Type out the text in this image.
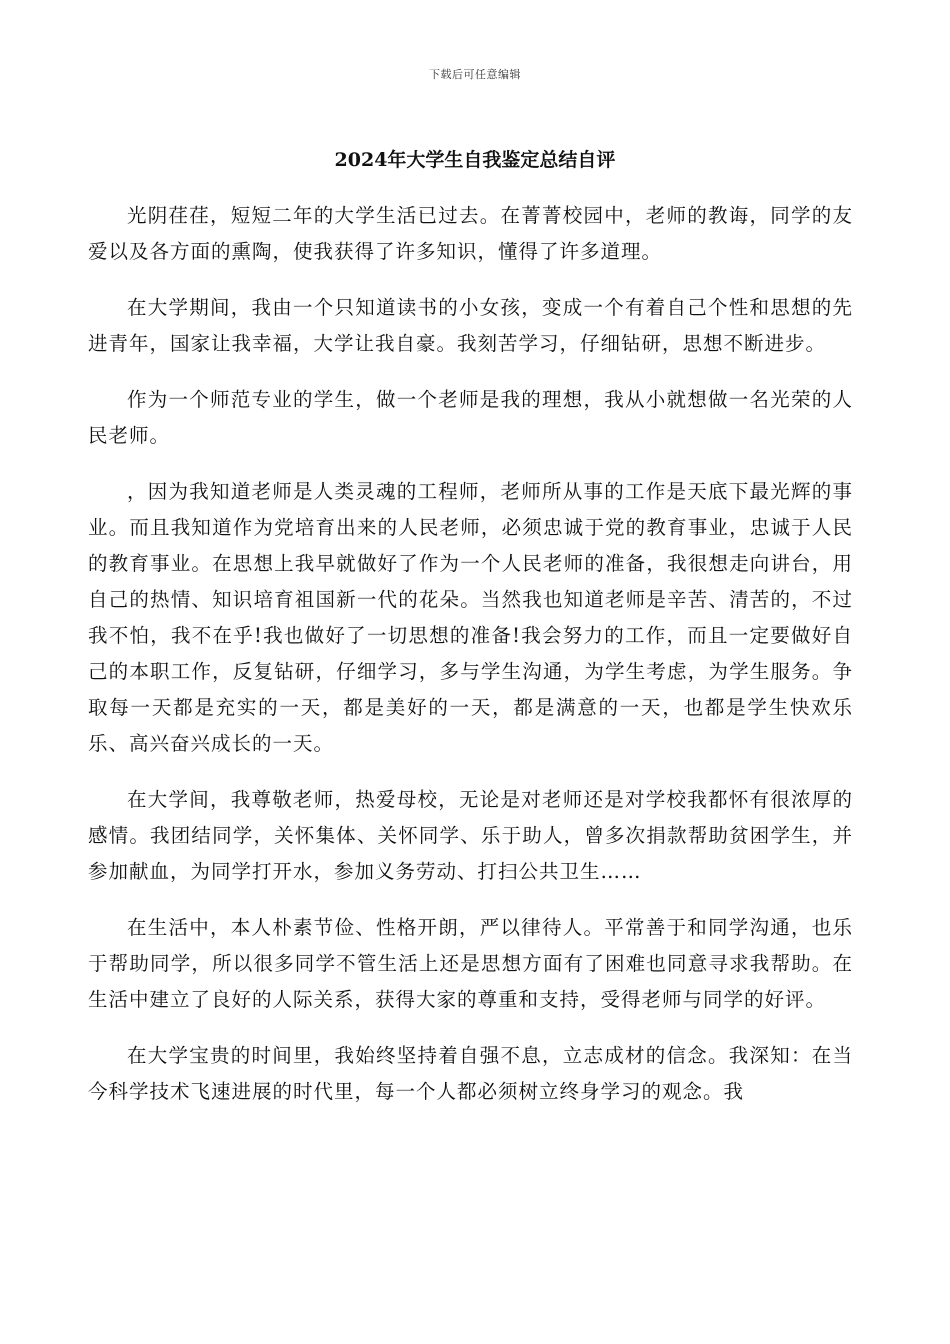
下载后可任意编辑
2024年大学生自我鉴定总结自评

光阴荏荏，短短二年的大学生活已过去。在菁菁校园中，老师的教诲，同学的友爱以及各方面的熏陶，使我获得了许多知识，懂得了许多道理。

在大学期间，我由一个只知道读书的小女孩，变成一个有着自己个性和思想的先进青年，国家让我幸福，大学让我自豪。我刻苦学习，仔细钻研，思想不断进步。

作为一个师范专业的学生，做一个老师是我的理想，我从小就想做一名光荣的人民老师。

，因为我知道老师是人类灵魂的工程师，老师所从事的工作是天底下最光辉的事业。而且我知道作为党培育出来的人民老师，必须忠诚于党的教育事业，忠诚于人民的教育事业。在思想上我早就做好了作为一个人民老师的准备，我很想走向讲台，用自己的热情、知识培育祖国新一代的花朵。当然我也知道老师是辛苦、清苦的，不过我不怕，我不在乎!我也做好了一切思想的准备!我会努力的工作，而且一定要做好自己的本职工作，反复钻研，仔细学习，多与学生沟通，为学生考虑，为学生服务。争取每一天都是充实的一天，都是美好的一天，都是满意的一天，也都是学生快欢乐乐、高兴奋兴成长的一天。

在大学间，我尊敬老师，热爱母校，无论是对老师还是对学校我都怀有很浓厚的感情。我团结同学，关怀集体、关怀同学、乐于助人，曾多次捐款帮助贫困学生，并参加献血，为同学打开水，参加义务劳动、打扫公共卫生……

在生活中，本人朴素节俭、性格开朗，严以律待人。平常善于和同学沟通，也乐于帮助同学，所以很多同学不管生活上还是思想方面有了困难也同意寻求我帮助。在生活中建立了良好的人际关系，获得大家的尊重和支持，受得老师与同学的好评。

在大学宝贵的时间里，我始终坚持着自强不息，立志成材的信念。我深知：在当今科学技术飞速进展的时代里，每一个人都必须树立终身学习的观念。我
